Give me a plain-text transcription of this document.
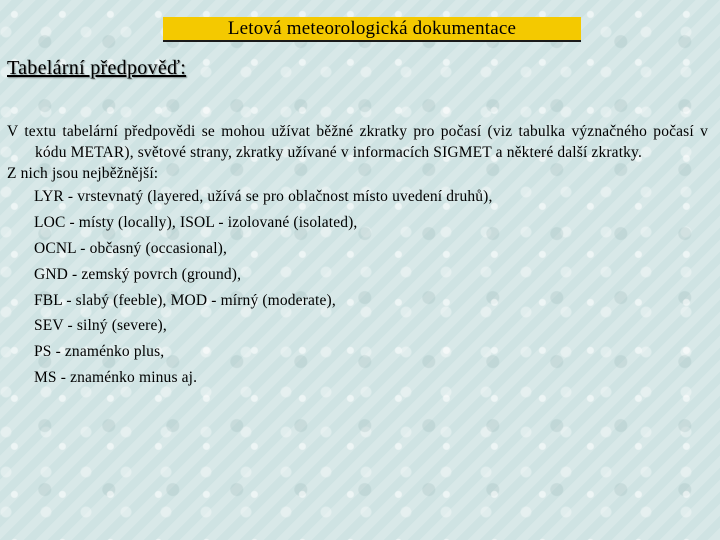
Letová meteorologická dokumentace
Tabelární předpověď:

V textu tabelární předpovědi se mohou užívat běžné zkratky pro počasí (viz tabulka význačného počasí v kódu METAR), světové strany, zkratky užívané v informacích SIGMET a některé další zkratky.

Z nich jsou nejběžnější:

LYR - vrstevnatý (layered, užívá se pro oblačnost místo uvedení druhů),
LOC - místy (locally), ISOL - izolované (isolated),
OCNL - občasný (occasional),
GND - zemský povrch (ground),
FBL - slabý (feeble), MOD - mírný (moderate),
SEV - silný (severe),
PS - znaménko plus,
MS - znaménko minus aj.
